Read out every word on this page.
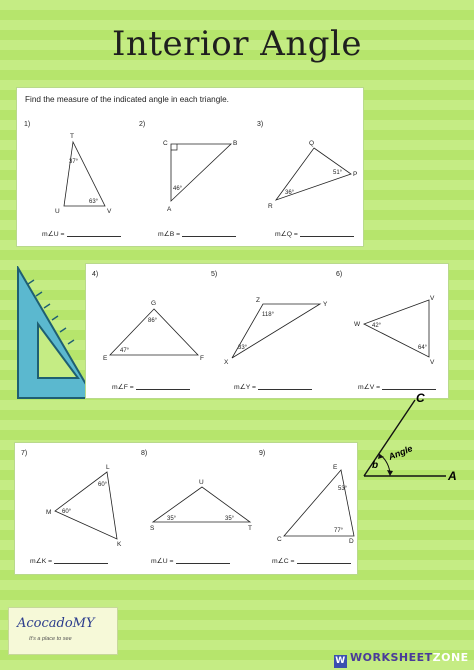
Interior Angle
Find the measure of the indicated angle in each triangle.
1)
T
U	V
37°
63°
m∠U =
2)
C	B
A
46°
m∠B =
3)
Q
P
R
51°
36°
m∠Q =
4)
G
E	F
86°
47°
m∠F =
5)
Z
Y
X
118°
33°
m∠Y =
6)
V
W
V
42°
64°
m∠V =
C
A
b
Angle
7)
L
M
K
60°
60°
m∠K =
8)
U
S	T
35°	35°
m∠U =
9)
E
C	D
53°
77°
m∠C =
AcocadoMY
It's a place to see
W WORKSHEETZONE
